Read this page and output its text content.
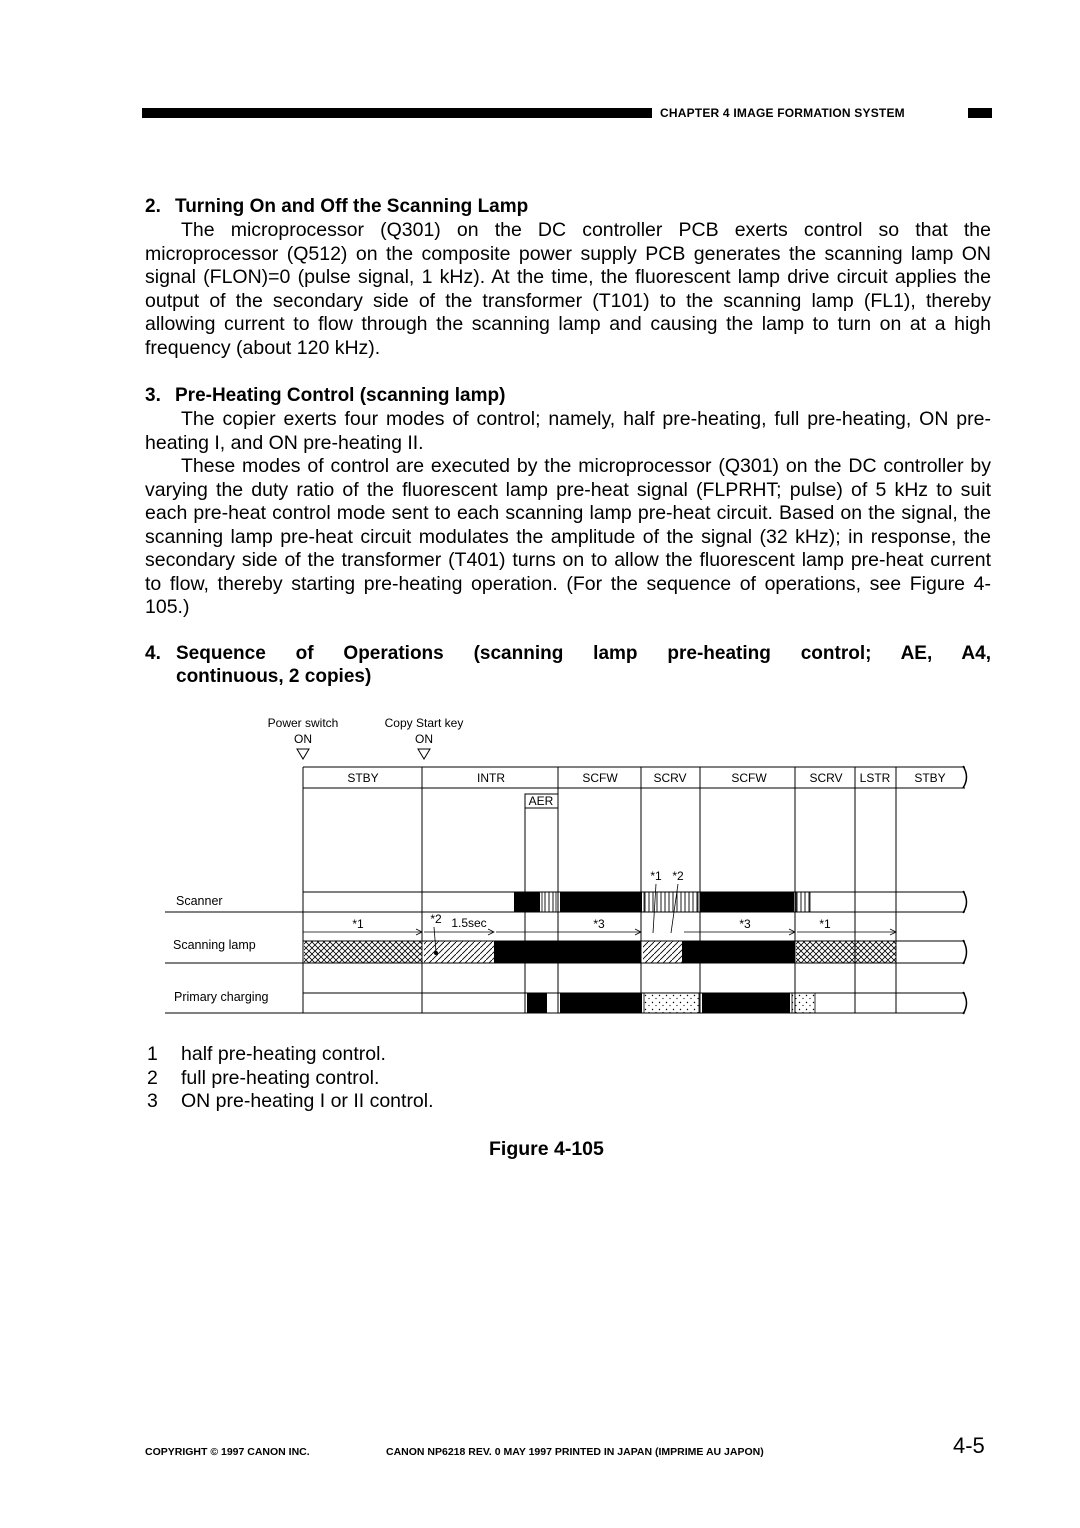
CHAPTER 4 IMAGE FORMATION SYSTEM
2. Turning On and Off the Scanning Lamp
The microprocessor (Q301) on the DC controller PCB exerts control so that the microprocessor (Q512) on the composite power supply PCB generates the scanning lamp ON signal (FLON)=0 (pulse signal, 1 kHz). At the time, the fluorescent lamp drive circuit applies the output of the secondary side of the transformer (T101) to the scanning lamp (FL1), thereby allowing current to flow through the scanning lamp and causing the lamp to turn on at a high frequency (about 120 kHz).
3. Pre-Heating Control (scanning lamp)
The copier exerts four modes of control; namely, half pre-heating, full pre-heating, ON pre-heating I, and ON pre-heating II.
These modes of control are executed by the microprocessor (Q301) on the DC controller by varying the duty ratio of the fluorescent lamp pre-heat signal (FLPRHT; pulse) of 5 kHz to suit each pre-heat control mode sent to each scanning lamp pre-heat circuit. Based on the signal, the scanning lamp pre-heat circuit modulates the amplitude of the signal (32 kHz); in response, the secondary side of the transformer (T401) turns on to allow the fluorescent lamp pre-heat current to flow, thereby starting pre-heating operation. (For the sequence of operations, see Figure 4-105.)
4. Sequence of Operations (scanning lamp pre-heating control; AE, A4,
continuous, 2 copies)
Power switch
ON
Copy Start key
ON
STBY	INTR	SCFW	SCRV	SCFW	SCRV LSTR STBY
AER
*1 *2
Scanner
*1	*2 1.5sec	*3	*3	*1
Scanning lamp
Primary charging
1 half pre-heating control.
2 full pre-heating control.
3 ON pre-heating I or II control.
Figure 4-105
COPYRIGHT © 1997 CANON INC.	CANON NP6218 REV. 0 MAY 1997 PRINTED IN JAPAN (IMPRIME AU JAPON)	4-5
